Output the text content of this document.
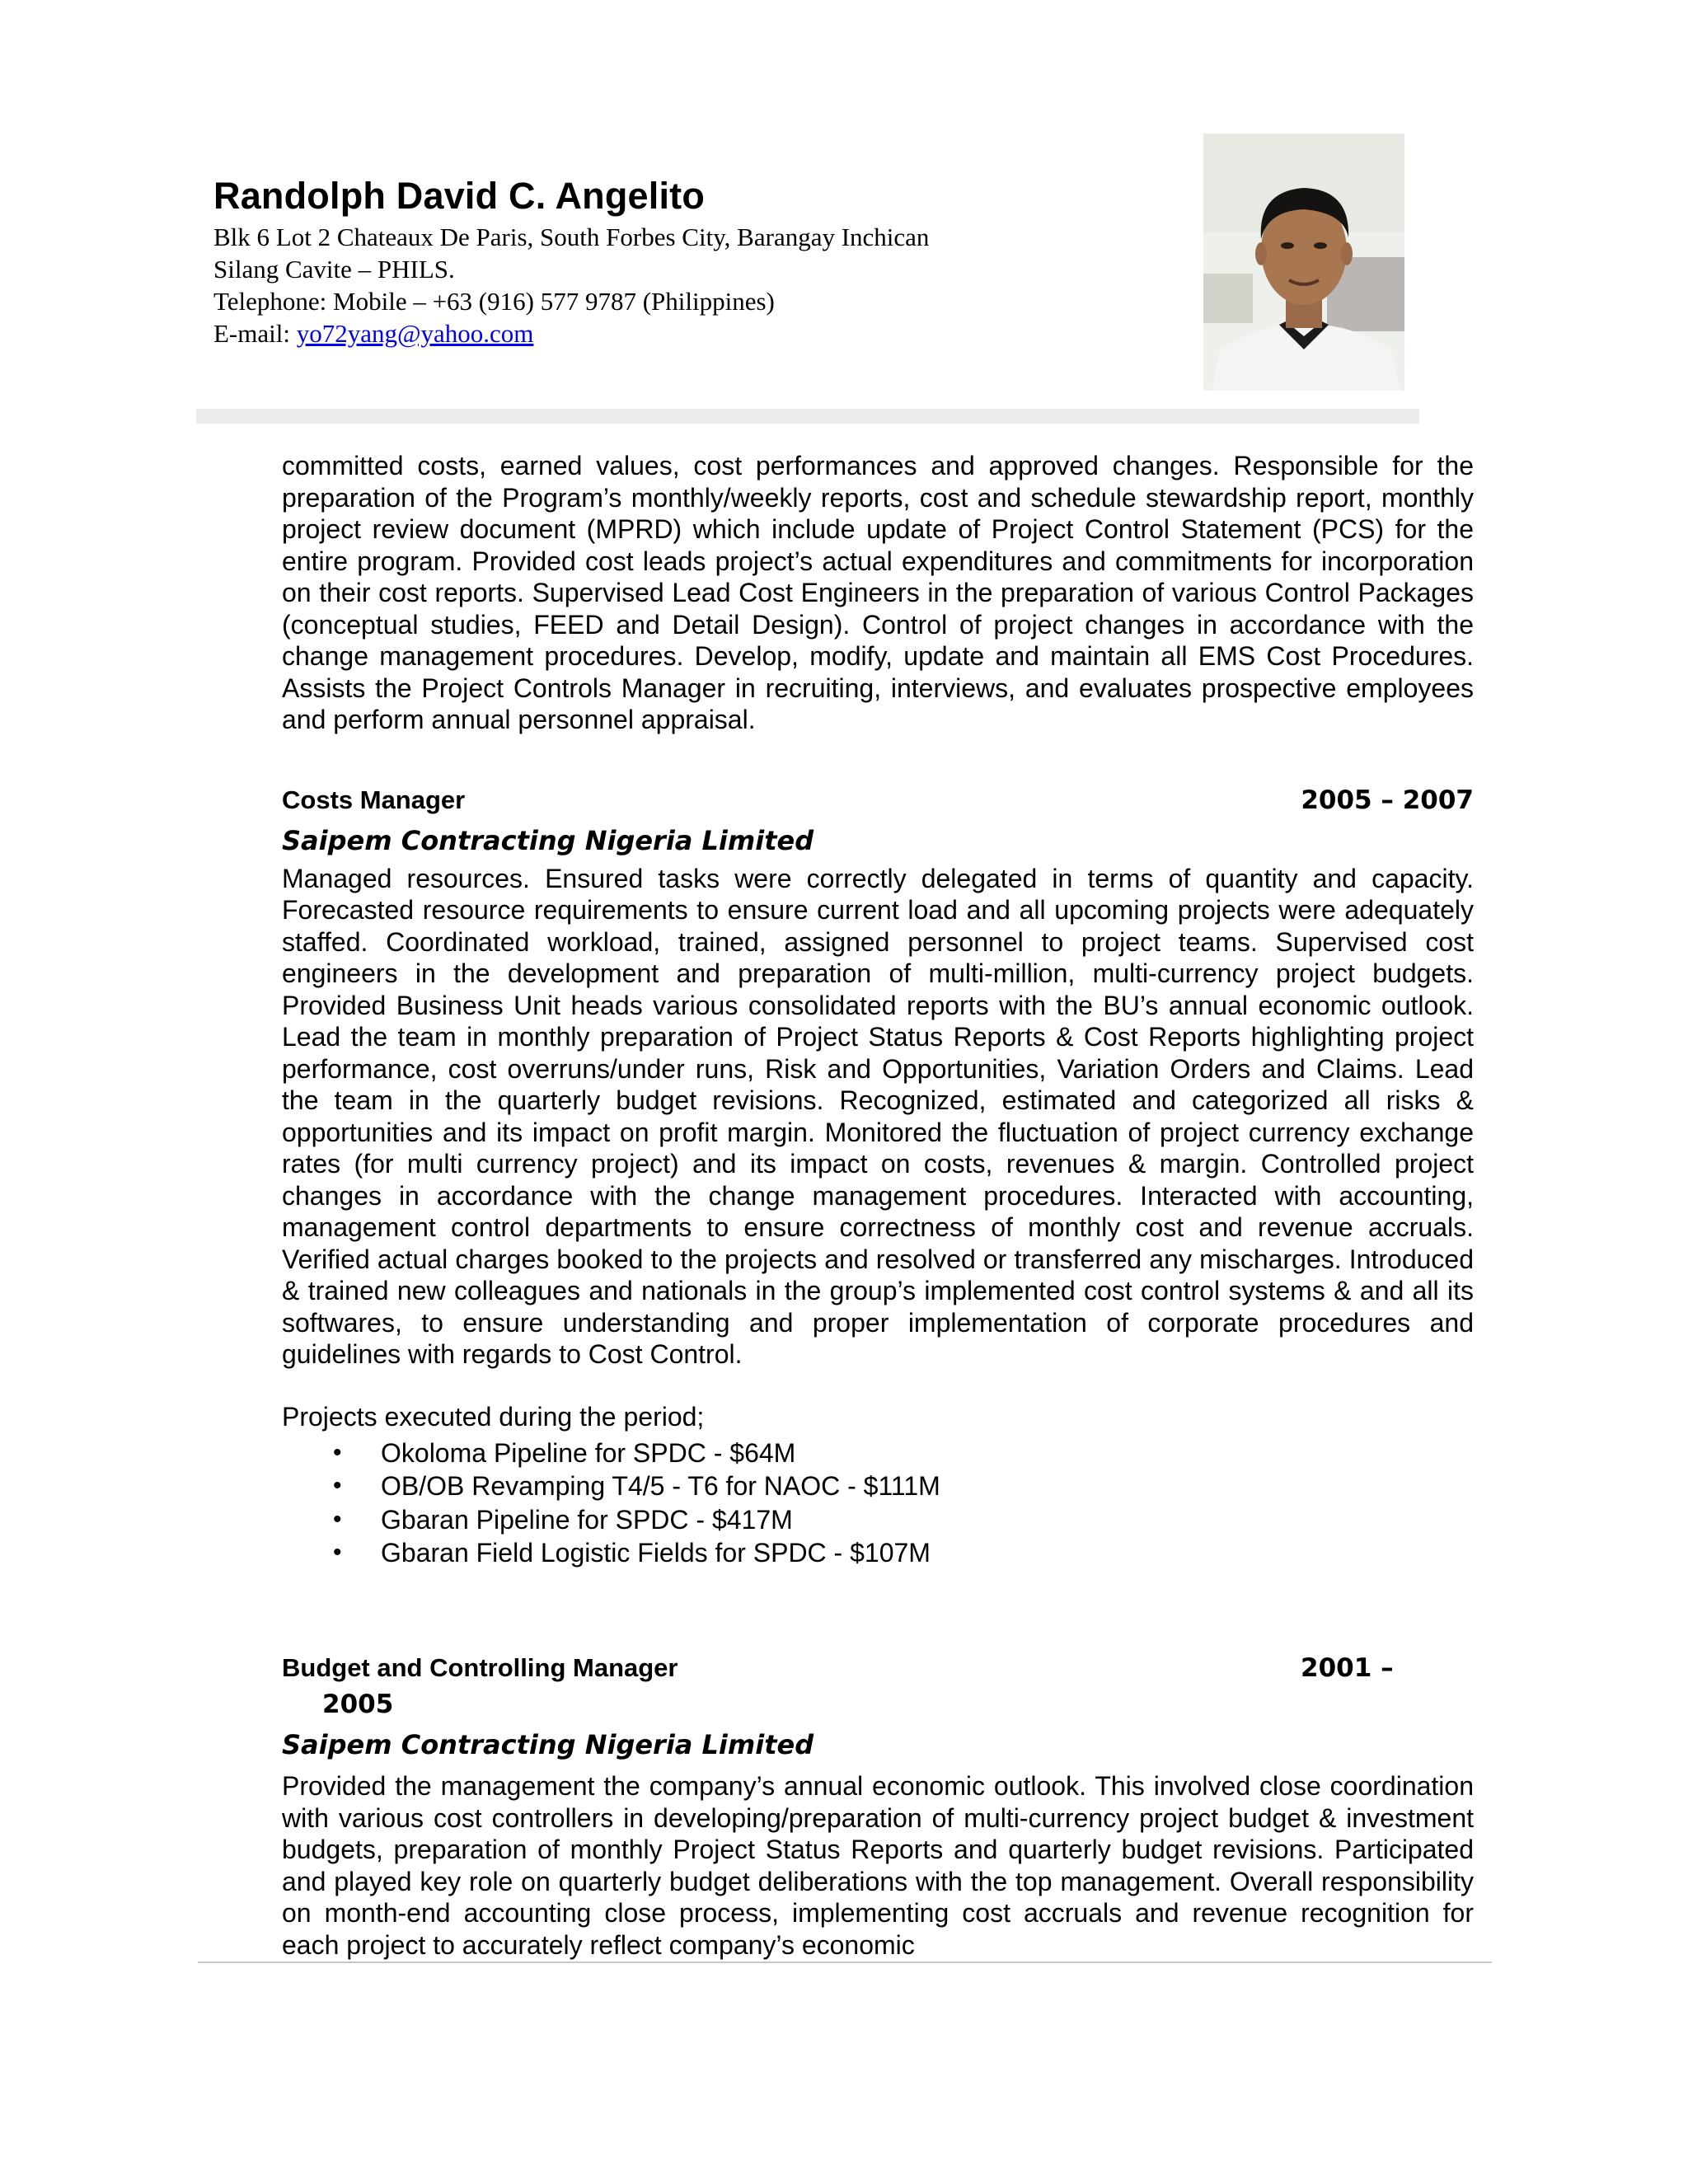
Randolph David C. Angelito
Blk 6 Lot 2 Chateaux De Paris, South Forbes City, Barangay Inchican
Silang Cavite – PHILS.
Telephone: Mobile – +63 (916) 577 9787 (Philippines)
E-mail: yo72yang@yahoo.com

committed costs, earned values, cost performances and approved changes. Responsible for the preparation of the Program’s monthly/weekly reports, cost and schedule stewardship report, monthly project review document (MPRD) which include update of Project Control Statement (PCS) for the entire program. Provided cost leads project’s actual expenditures and commitments for incorporation on their cost reports. Supervised Lead Cost Engineers in the preparation of various Control Packages (conceptual studies, FEED and Detail Design). Control of project changes in accordance with the change management procedures. Develop, modify, update and maintain all EMS Cost Procedures. Assists the Project Controls Manager in recruiting, interviews, and evaluates prospective employees and perform annual personnel appraisal.

Costs Manager	2005 – 2007
Saipem Contracting Nigeria Limited

Managed resources. Ensured tasks were correctly delegated in terms of quantity and capacity. Forecasted resource requirements to ensure current load and all upcoming projects were adequately staffed. Coordinated workload, trained, assigned personnel to project teams. Supervised cost engineers in the development and preparation of multi-million, multi-currency project budgets. Provided Business Unit heads various consolidated reports with the BU’s annual economic outlook. Lead the team in monthly preparation of Project Status Reports & Cost Reports highlighting project performance, cost overruns/under runs, Risk and Opportunities, Variation Orders and Claims. Lead the team in the quarterly budget revisions. Recognized, estimated and categorized all risks & opportunities and its impact on profit margin. Monitored the fluctuation of project currency exchange rates (for multi currency project) and its impact on costs, revenues & margin. Controlled project changes in accordance with the change management procedures. Interacted with accounting, management control departments to ensure correctness of monthly cost and revenue accruals. Verified actual charges booked to the projects and resolved or transferred any mischarges. Introduced & trained new colleagues and nationals in the group’s implemented cost control systems & and all its softwares, to ensure understanding and proper implementation of corporate procedures and guidelines with regards to Cost Control.

Projects executed during the period;
• Okoloma Pipeline for SPDC - $64M
• OB/OB Revamping T4/5 - T6 for NAOC - $111M
• Gbaran Pipeline for SPDC - $417M
• Gbaran Field Logistic Fields for SPDC - $107M
Budget and Controlling Manager	2001 –
2005
Saipem Contracting Nigeria Limited

Provided the management the company’s annual economic outlook. This involved close coordination with various cost controllers in developing/preparation of multi-currency project budget & investment budgets, preparation of monthly Project Status Reports and quarterly budget revisions. Participated and played key role on quarterly budget deliberations with the top management. Overall responsibility on month-end accounting close process, implementing cost accruals and revenue recognition for each project to accurately reflect company’s economic
